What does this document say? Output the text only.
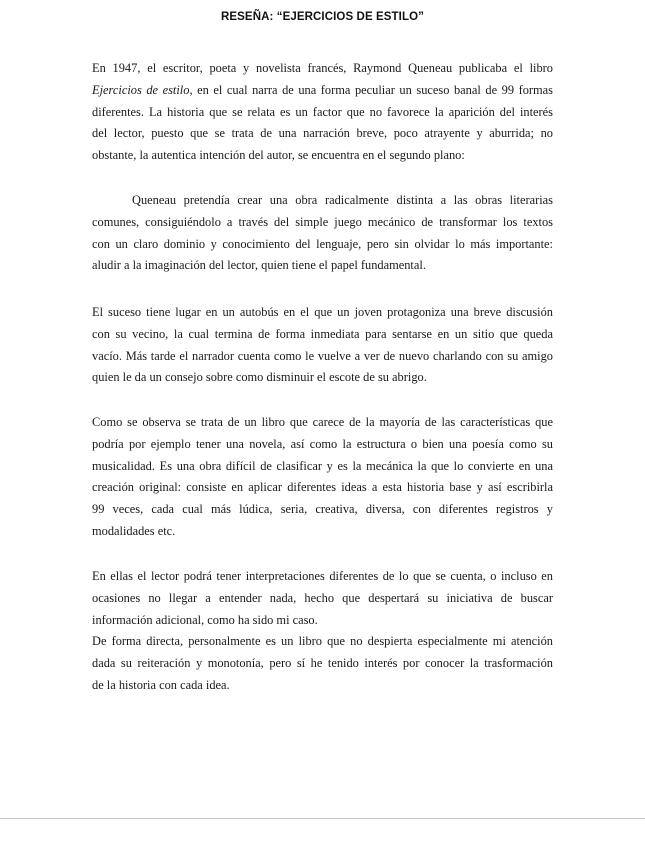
RESEÑA: “EJERCICIOS DE ESTILO”
En 1947, el escritor, poeta y novelista francés, Raymond Queneau publicaba el libro
Ejercicios de estilo, en el cual narra de una forma peculiar un suceso banal de 99 formas
diferentes. La historia que se relata es un factor que no favorece la aparición del interés
del lector, puesto que se trata de una narración breve, poco atrayente y aburrida; no
obstante, la autentica intención del autor, se encuentra en el segundo plano:
Queneau pretendía crear una obra radicalmente distinta a las obras literarias
comunes, consiguiéndolo a través del simple juego mecánico de transformar los textos
con un claro dominio y conocimiento del lenguaje, pero sin olvidar lo más importante:
aludir a la imaginación del lector, quien tiene el papel fundamental.
El suceso tiene lugar en un autobús en el que un joven protagoniza una breve discusión
con su vecino, la cual termina de forma inmediata para sentarse en un sitio que queda
vacío. Más tarde el narrador cuenta como le vuelve a ver de nuevo charlando con su amigo
quien le da un consejo sobre como disminuir el escote de su abrigo.
Como se observa se trata de un libro que carece de la mayoría de las características que
podría por ejemplo tener una novela, así como la estructura o bien una poesía como su
musicalidad. Es una obra difícil de clasificar y es la mecánica la que lo convierte en una
creación original: consiste en aplicar diferentes ideas a esta historia base y así escribirla
99 veces, cada cual más lúdica, seria, creativa, diversa, con diferentes registros y
modalidades etc.
En ellas el lector podrá tener interpretaciones diferentes de lo que se cuenta, o incluso en
ocasiones no llegar a entender nada, hecho que despertará su iniciativa de buscar
información adicional, como ha sido mi caso.
De forma directa, personalmente es un libro que no despierta especialmente mi atención
dada su reiteración y monotonía, pero sí he tenido interés por conocer la trasformación
de la historia con cada idea.
